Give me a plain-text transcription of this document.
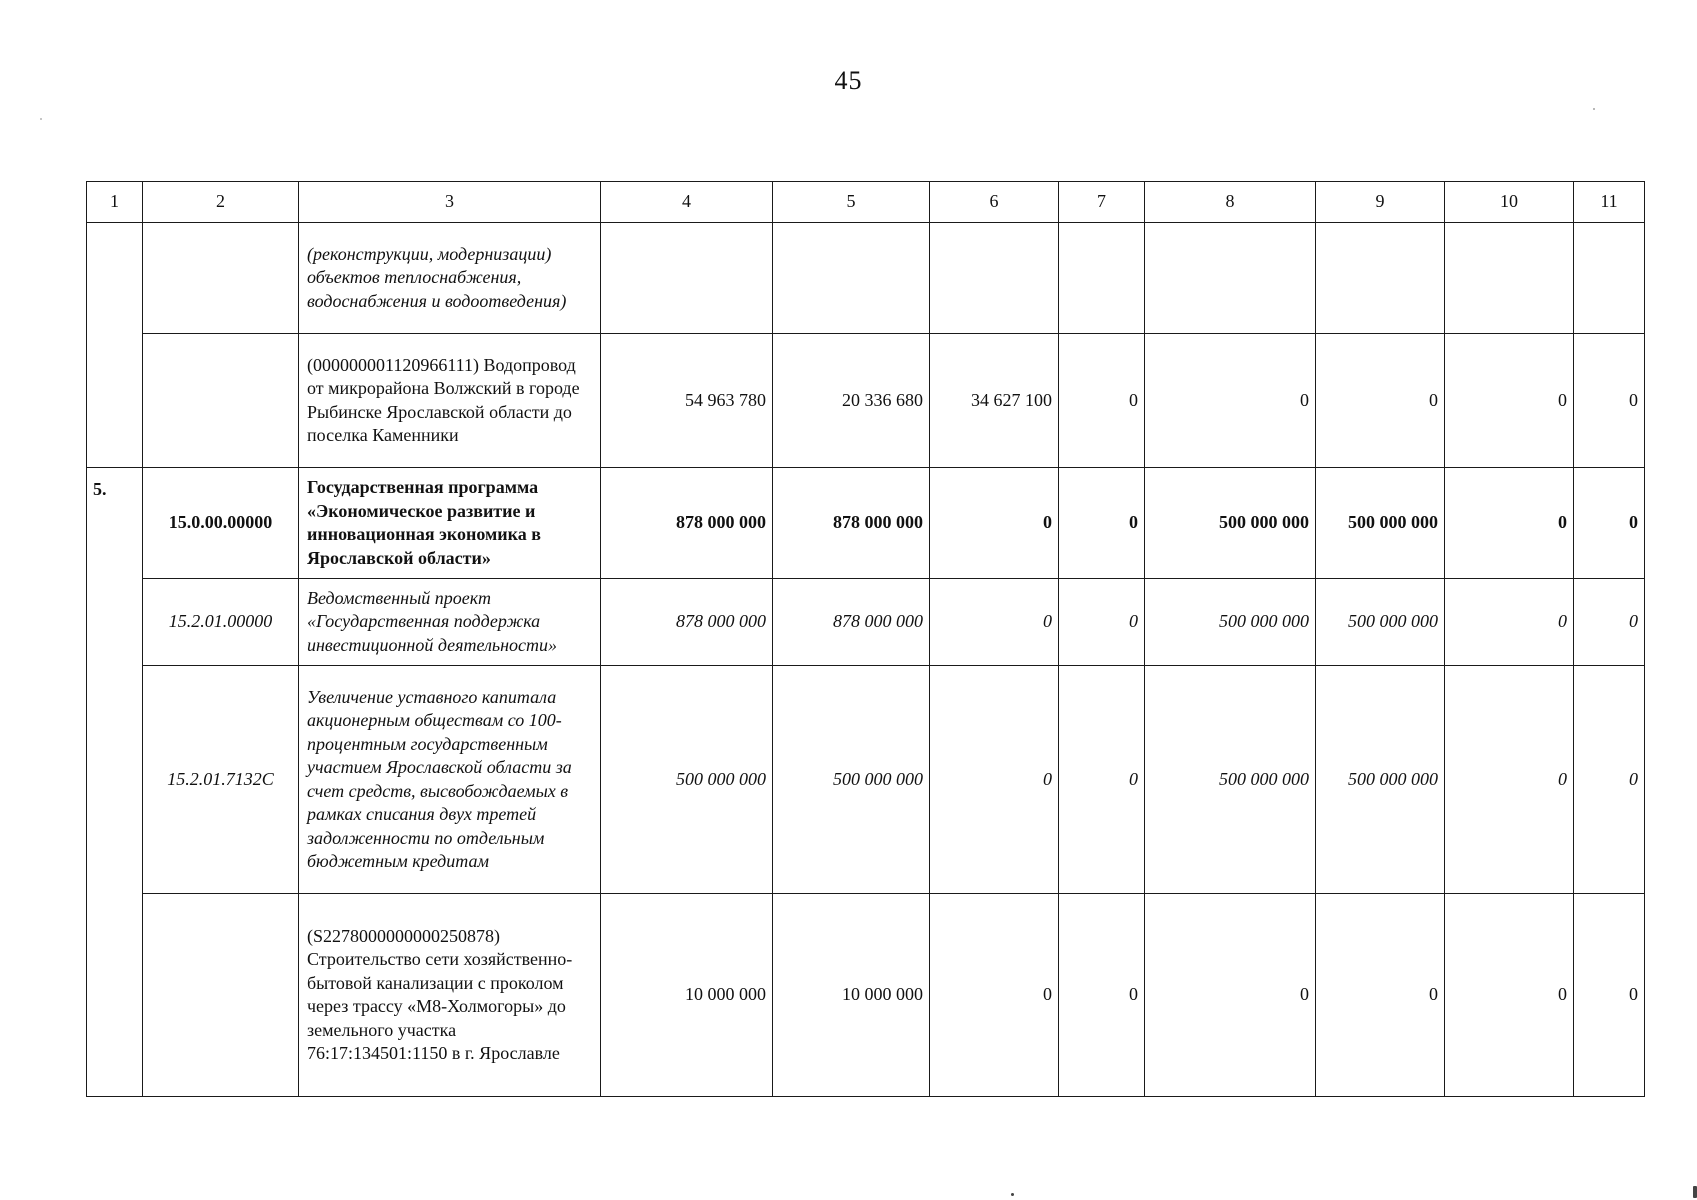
45
1	2	3	4	5	6	7	8	9	10	11
		(реконструкции, модернизации) объектов теплоснабжения, водоснабжения и водоотведения)								
		(000000001120966111) Водопровод от микрорайона Волжский в городе Рыбинске Ярославской области до поселка Каменники	54 963 780	20 336 680	34 627 100	0	0	0	0	0
5.	15.0.00.00000	Государственная программа «Экономическое развитие и инновационная экономика в Ярославской области»	878 000 000	878 000 000	0	0	500 000 000	500 000 000	0	0
	15.2.01.00000	Ведомственный проект «Государственная поддержка инвестиционной деятельности»	878 000 000	878 000 000	0	0	500 000 000	500 000 000	0	0
	15.2.01.7132C	Увеличение уставного капитала акционерным обществам со 100-процентным государственным участием Ярославской области за счет средств, высвобождаемых в рамках списания двух третей задолженности по отдельным бюджетным кредитам	500 000 000	500 000 000	0	0	500 000 000	500 000 000	0	0
		(S2278000000000250878) Строительство сети хозяйственно-бытовой канализации с проколом через трассу «М8-Холмогоры» до земельного участка 76:17:134501:1150 в г. Ярославле	10 000 000	10 000 000	0	0	0	0	0	0
